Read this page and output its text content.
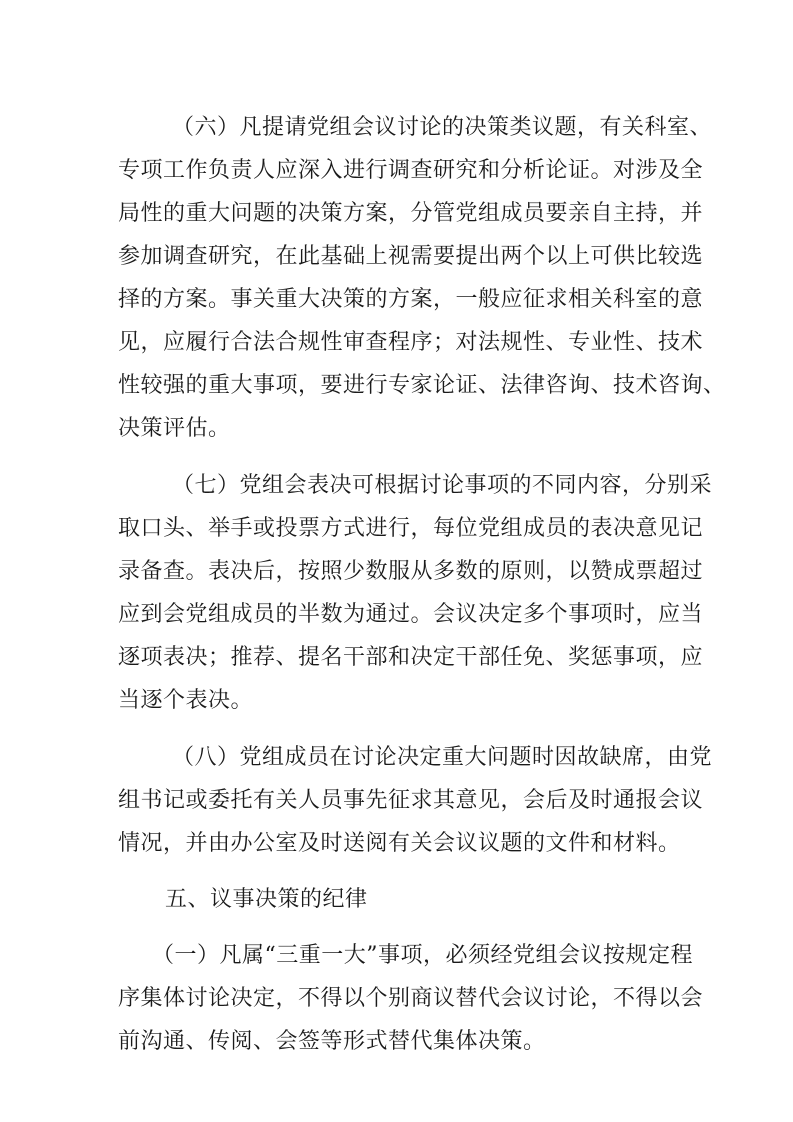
（六）凡提请党组会议讨论的决策类议题，有关科室、
专项工作负责人应深入进行调查研究和分析论证。对涉及全
局性的重大问题的决策方案，分管党组成员要亲自主持，并
参加调查研究，在此基础上视需要提出两个以上可供比较选
择的方案。事关重大决策的方案，一般应征求相关科室的意
见，应履行合法合规性审查程序；对法规性、专业性、技术
性较强的重大事项，要进行专家论证、法律咨询、技术咨询、
决策评估。
（七）党组会表决可根据讨论事项的不同内容，分别采
取口头、举手或投票方式进行，每位党组成员的表决意见记
录备查。表决后，按照少数服从多数的原则，以赞成票超过
应到会党组成员的半数为通过。会议决定多个事项时，应当
逐项表决；推荐、提名干部和决定干部任免、奖惩事项，应
当逐个表决。
（八）党组成员在讨论决定重大问题时因故缺席，由党
组书记或委托有关人员事先征求其意见，会后及时通报会议
情况，并由办公室及时送阅有关会议议题的文件和材料。
五、议事决策的纪律
（一）凡属“三重一大”事项，必须经党组会议按规定程
序集体讨论决定，不得以个别商议替代会议讨论，不得以会
前沟通、传阅、会签等形式替代集体决策。
